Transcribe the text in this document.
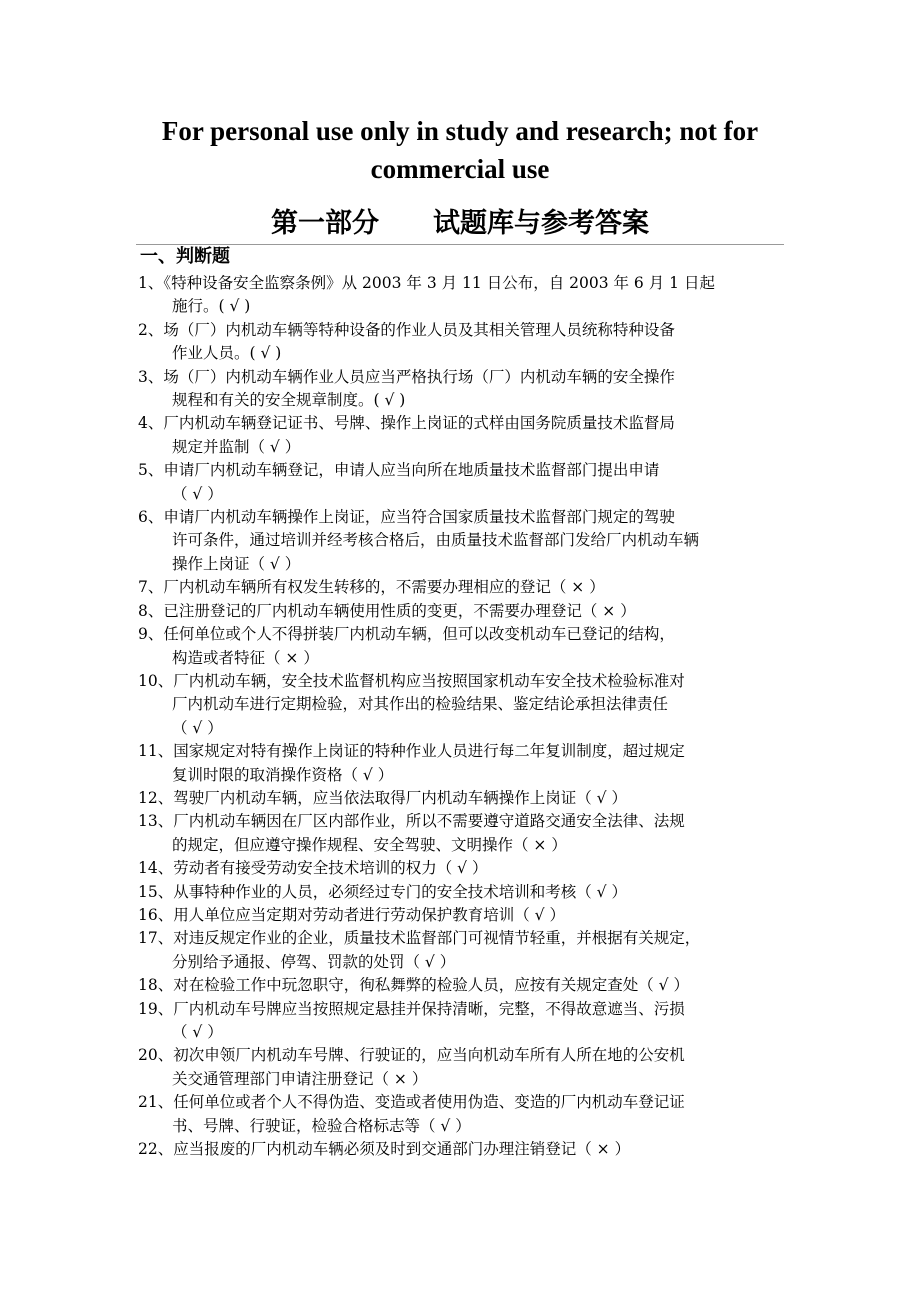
For personal use only in study and research; not for
commercial use
第一部分　　试题库与参考答案
一、判断题
1、《特种设备安全监察条例》从 2003 年 3 月 11 日公布，自 2003 年 6 月 1 日起
施行。( √ )
2、场（厂）内机动车辆等特种设备的作业人员及其相关管理人员统称特种设备
作业人员。( √ )
3、场（厂）内机动车辆作业人员应当严格执行场（厂）内机动车辆的安全操作
规程和有关的安全规章制度。( √ )
4、厂内机动车辆登记证书、号牌、操作上岗证的式样由国务院质量技术监督局
规定并监制（ √ ）
5、申请厂内机动车辆登记，申请人应当向所在地质量技术监督部门提出申请
（ √ ）
6、申请厂内机动车辆操作上岗证，应当符合国家质量技术监督部门规定的驾驶
许可条件，通过培训并经考核合格后，由质量技术监督部门发给厂内机动车辆
操作上岗证（ √ ）
7、厂内机动车辆所有权发生转移的，不需要办理相应的登记（ × ）
8、已注册登记的厂内机动车辆使用性质的变更，不需要办理登记（ × ）
9、任何单位或个人不得拼装厂内机动车辆，但可以改变机动车已登记的结构，
构造或者特征（ × ）
10、厂内机动车辆，安全技术监督机构应当按照国家机动车安全技术检验标准对
厂内机动车进行定期检验，对其作出的检验结果、鉴定结论承担法律责任
（ √ ）
11、国家规定对特有操作上岗证的特种作业人员进行每二年复训制度，超过规定
复训时限的取消操作资格（ √ ）
12、驾驶厂内机动车辆，应当依法取得厂内机动车辆操作上岗证（ √ ）
13、厂内机动车辆因在厂区内部作业，所以不需要遵守道路交通安全法律、法规
的规定，但应遵守操作规程、安全驾驶、文明操作（ × ）
14、劳动者有接受劳动安全技术培训的权力（ √ ）
15、从事特种作业的人员，必须经过专门的安全技术培训和考核（ √ ）
16、用人单位应当定期对劳动者进行劳动保护教育培训（ √ ）
17、对违反规定作业的企业，质量技术监督部门可视情节轻重，并根据有关规定，
分别给予通报、停驾、罚款的处罚（ √ ）
18、对在检验工作中玩忽职守，徇私舞弊的检验人员，应按有关规定查处（ √ ）
19、厂内机动车号牌应当按照规定悬挂并保持清晰，完整，不得故意遮当、污损
（ √ ）
20、初次申领厂内机动车号牌、行驶证的，应当向机动车所有人所在地的公安机
关交通管理部门申请注册登记（ × ）
21、任何单位或者个人不得伪造、变造或者使用伪造、变造的厂内机动车登记证
书、号牌、行驶证，检验合格标志等（ √ ）
22、应当报废的厂内机动车辆必须及时到交通部门办理注销登记（ × ）
